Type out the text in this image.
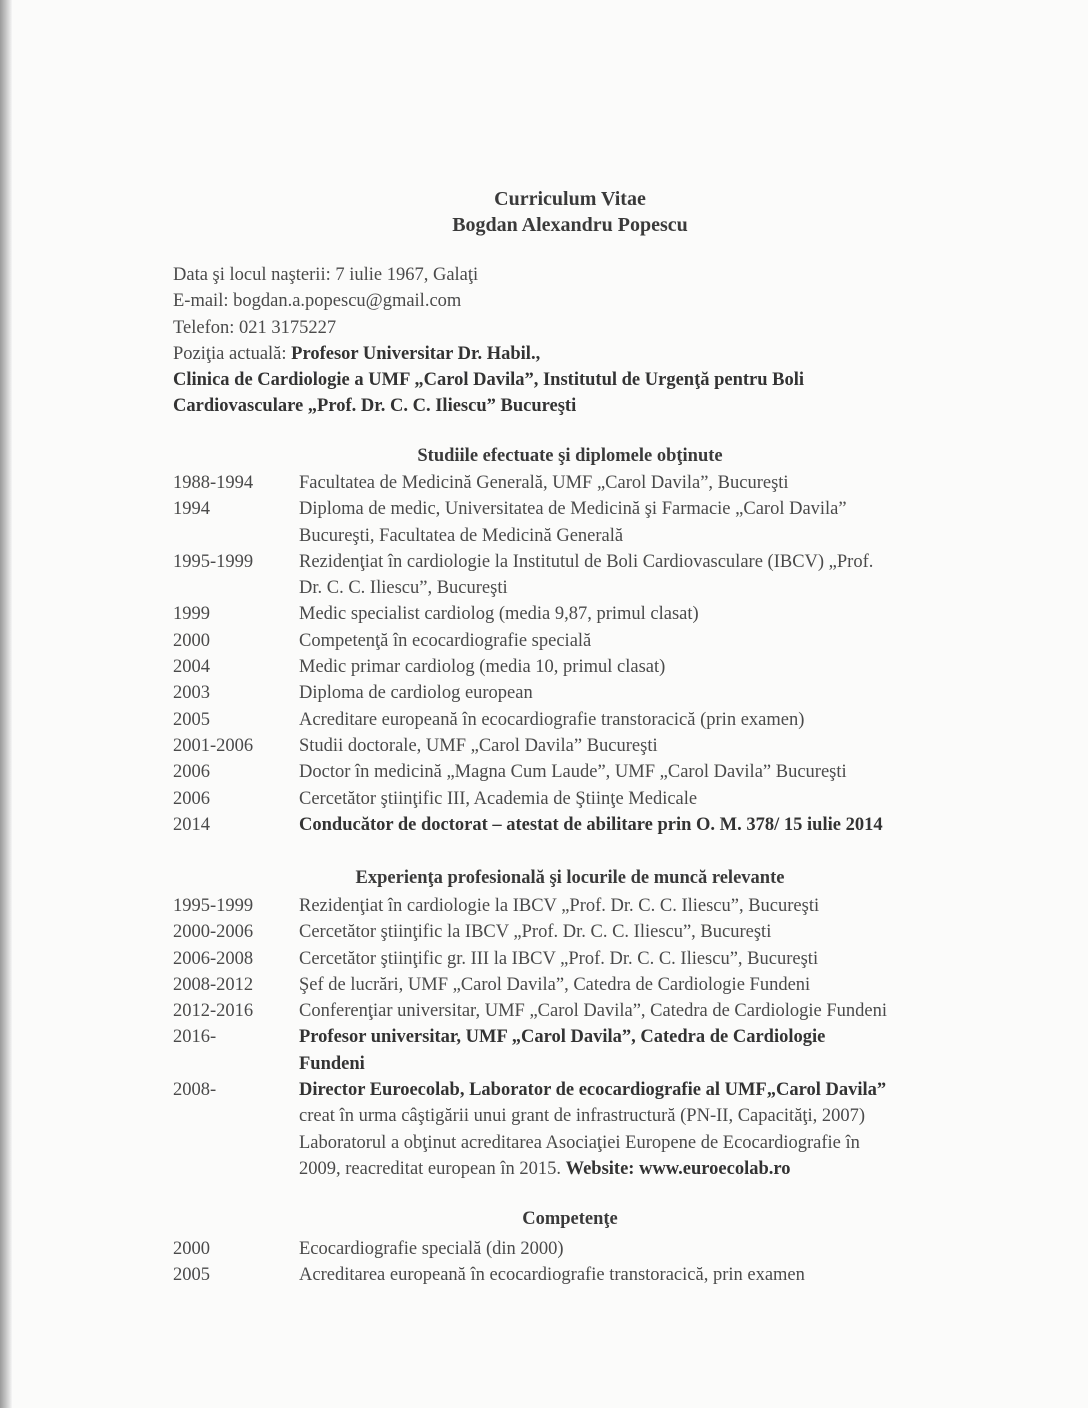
Curriculum Vitae
Bogdan Alexandru Popescu
Data şi locul naşterii: 7 iulie 1967, Galaţi
E-mail: bogdan.a.popescu@gmail.com
Telefon: 021 3175227
Poziţia actuală: Profesor Universitar Dr. Habil.,
Clinica de Cardiologie a UMF „Carol Davila”, Institutul de Urgenţă pentru Boli
Cardiovasculare „Prof. Dr. C. C. Iliescu” Bucureşti
Studiile efectuate şi diplomele obţinute
1988-1994	Facultatea de Medicină Generală, UMF „Carol Davila”, Bucureşti
1994	Diploma de medic, Universitatea de Medicină şi Farmacie „Carol Davila”
Bucureşti, Facultatea de Medicină Generală
1995-1999	Rezidenţiat în cardiologie la Institutul de Boli Cardiovasculare (IBCV) „Prof.
Dr. C. C. Iliescu”, Bucureşti
1999	Medic specialist cardiolog (media 9,87, primul clasat)
2000	Competenţă în ecocardiografie specială
2004	Medic primar cardiolog (media 10, primul clasat)
2003	Diploma de cardiolog european
2005	Acreditare europeană în ecocardiografie transtoracică (prin examen)
2001-2006	Studii doctorale, UMF „Carol Davila” Bucureşti
2006	Doctor în medicină „Magna Cum Laude”, UMF „Carol Davila” Bucureşti
2006	Cercetător ştiinţific III, Academia de Ştiinţe Medicale
2014	Conducător de doctorat – atestat de abilitare prin O. M. 378/ 15 iulie 2014
Experienţa profesională şi locurile de muncă relevante
1995-1999	Rezidenţiat în cardiologie la IBCV „Prof. Dr. C. C. Iliescu”, Bucureşti
2000-2006	Cercetător ştiinţific la IBCV „Prof. Dr. C. C. Iliescu”, Bucureşti
2006-2008	Cercetător ştiinţific gr. III la IBCV „Prof. Dr. C. C. Iliescu”, Bucureşti
2008-2012	Şef de lucrări, UMF „Carol Davila”, Catedra de Cardiologie Fundeni
2012-2016	Conferenţiar universitar, UMF „Carol Davila”, Catedra de Cardiologie Fundeni
2016-	Profesor universitar, UMF „Carol Davila”, Catedra de Cardiologie
Fundeni
2008-	Director Euroecolab, Laborator de ecocardiografie al UMF„Carol Davila”
creat în urma câştigării unui grant de infrastructură (PN-II, Capacităţi, 2007)
Laboratorul a obţinut acreditarea Asociaţiei Europene de Ecocardiografie în
2009, reacreditat european în 2015. Website: www.euroecolab.ro
Competenţe
2000	Ecocardiografie specială (din 2000)
2005	Acreditarea europeană în ecocardiografie transtoracică, prin examen
